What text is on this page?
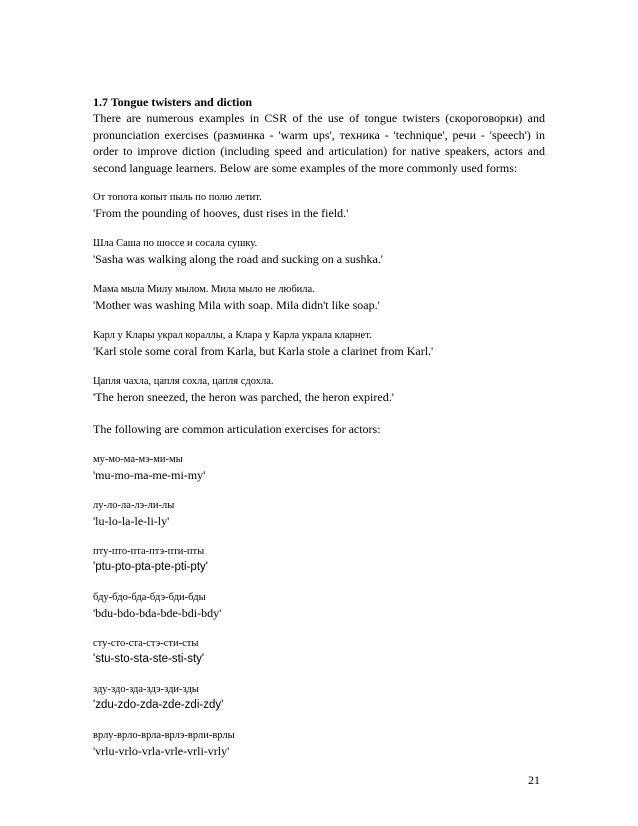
1.7 Tongue twisters and diction

There are numerous examples in CSR of the use of tongue twisters (скороговорки) and pronunciation exercises (разминка - 'warm ups', техника - 'technique', речи - 'speech') in order to improve diction (including speed and articulation) for native speakers, actors and second language learners. Below are some examples of the more commonly used forms:

От топота копыт пыль по полю летит.
'From the pounding of hooves, dust rises in the field.'

Шла Саша по шоссе и сосала сушку.
'Sasha was walking along the road and sucking on a sushka.'

Мама мыла Милу мылом. Мила мыло не любила.
'Mother was washing Mila with soap. Mila didn't like soap.'

Карл у Клары украл кораллы, а Клара у Карла украла кларнет.
'Karl stole some coral from Karla, but Karla stole a clarinet from Karl.'

Цапля чахла, цапля сохла, цапля сдохла.
'The heron sneezed, the heron was parched, the heron expired.'

The following are common articulation exercises for actors:

му-мо-ма-мэ-ми-мы
'mu-mo-ma-me-mi-my'

лу-ло-ла-лэ-ли-лы
'lu-lo-la-le-li-ly'

пту-пто-пта-птэ-пти-пты
'ptu-pto-pta-pte-pti-pty'

бду-бдо-бда-бдэ-бди-бды
'bdu-bdo-bda-bde-bdi-bdy'

сту-сто-ста-стэ-сти-сты
'stu-sto-sta-ste-sti-sty'

зду-здо-зда-здэ-зди-зды
'zdu-zdo-zda-zde-zdi-zdy'

врлу-врло-врла-врлэ-врли-врлы
'vrlu-vrlo-vrla-vrle-vrli-vrly'

21
